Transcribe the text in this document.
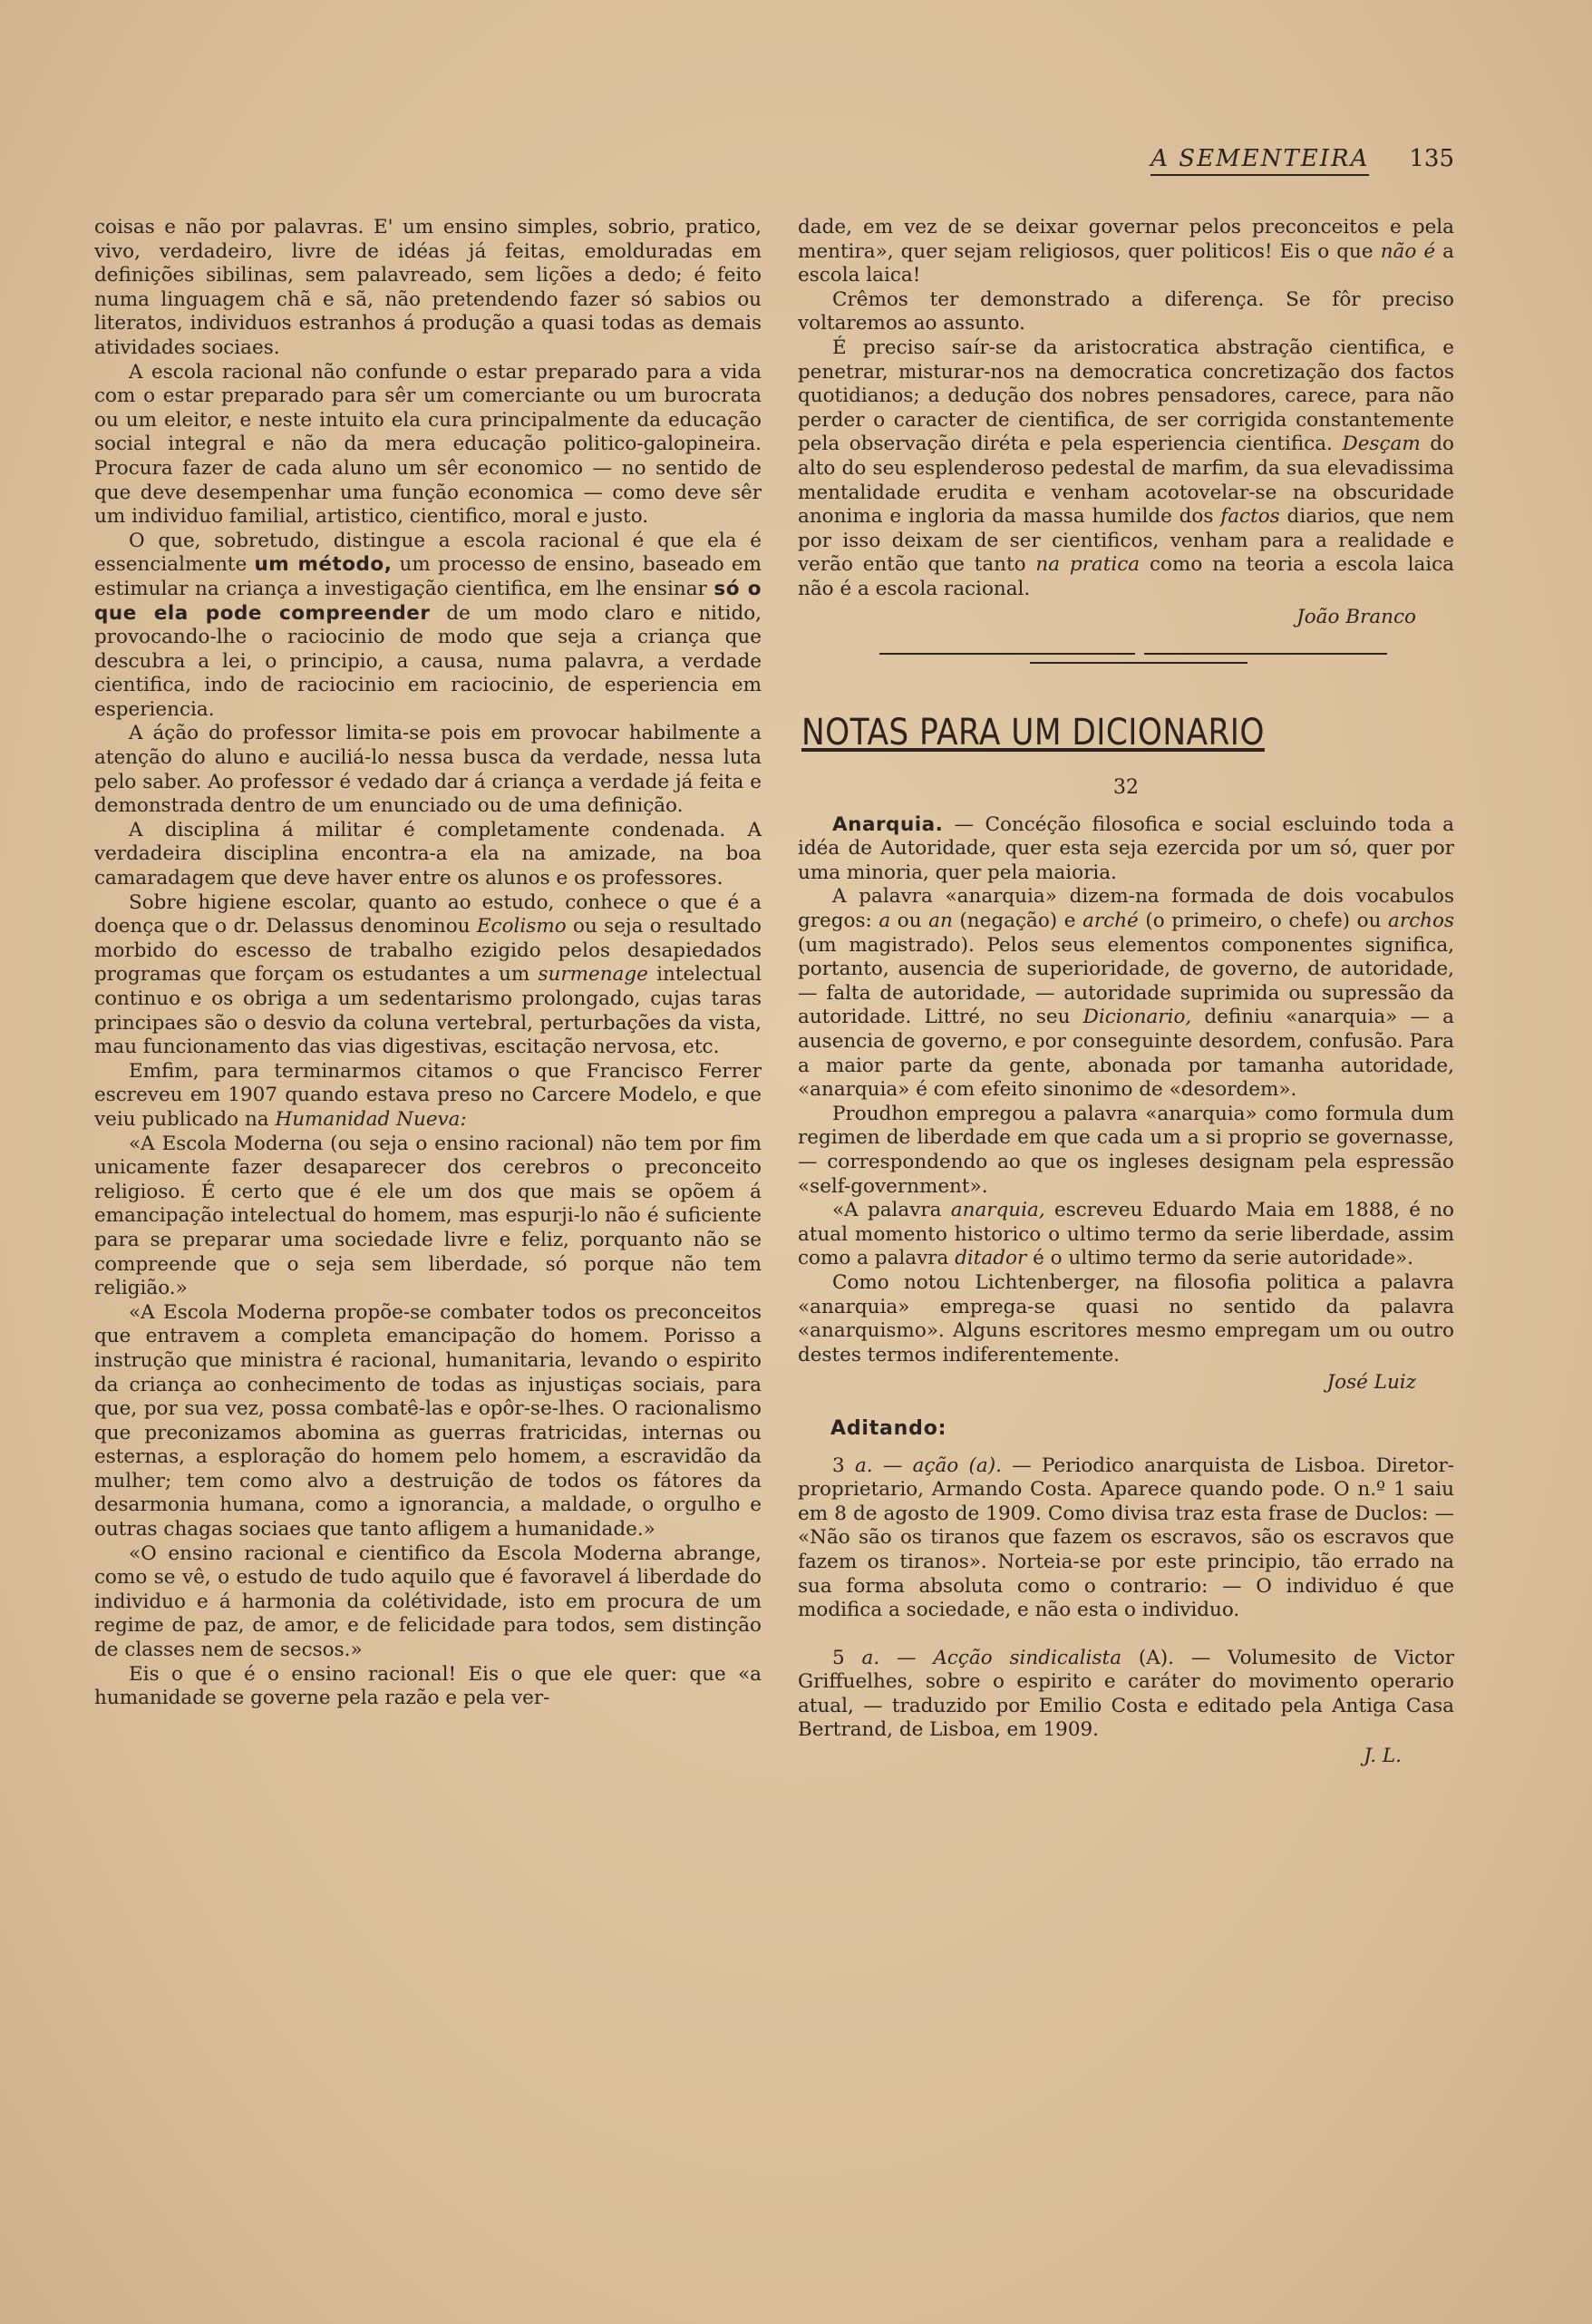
A SEMENTEIRA 135

coisas e não por palavras. E' um ensino simples, sobrio, pratico, vivo, verdadeiro, livre de idéas já feitas, emolduradas em definições sibilinas, sem palavreado, sem lições a dedo; é feito numa linguagem chã e sã, não pretendendo fazer só sabios ou literatos, individuos estranhos á produção a quasi todas as demais atividades sociaes.

A escola racional não confunde o estar preparado para a vida com o estar preparado para sêr um comerciante ou um burocrata ou um eleitor, e neste intuito ela cura principalmente da educação social integral e não da mera educação politico-galopineira. Procura fazer de cada aluno um sêr economico — no sentido de que deve desempenhar uma função economica — como deve sêr um individuo familial, artistico, cientifico, moral e justo.

O que, sobretudo, distingue a escola racional é que ela é essencialmente um método, um processo de ensino, baseado em estimular na criança a investigação cientifica, em lhe ensinar só o que ela pode compreender de um modo claro e nitido, provocando-lhe o raciocinio de modo que seja a criança que descubra a lei, o principio, a causa, numa palavra, a verdade cientifica, indo de raciocinio em raciocinio, de esperiencia em esperiencia.

A áção do professor limita-se pois em provocar habilmente a atenção do aluno e auciliá-lo nessa busca da verdade, nessa luta pelo saber. Ao professor é vedado dar á criança a verdade já feita e demonstrada dentro de um enunciado ou de uma definição.

A disciplina á militar é completamente condenada. A verdadeira disciplina encontra-a ela na amizade, na boa camaradagem que deve haver entre os alunos e os professores.

Sobre higiene escolar, quanto ao estudo, conhece o que é a doença que o dr. Delassus denominou Ecolismo ou seja o resultado morbido do escesso de trabalho ezigido pelos desapiedados programas que forçam os estudantes a um surmenage intelectual continuo e os obriga a um sedentarismo prolongado, cujas taras principaes são o desvio da coluna vertebral, perturbações da vista, mau funcionamento das vias digestivas, escitação nervosa, etc.

Emfim, para terminarmos citamos o que Francisco Ferrer escreveu em 1907 quando estava preso no Carcere Modelo, e que veiu publicado na Humanidad Nueva:

«A Escola Moderna (ou seja o ensino racional) não tem por fim unicamente fazer desaparecer dos cerebros o preconceito religioso. É certo que é ele um dos que mais se opõem á emancipação intelectual do homem, mas espurji-lo não é suficiente para se preparar uma sociedade livre e feliz, porquanto não se compreende que o seja sem liberdade, só porque não tem religião.»

«A Escola Moderna propõe-se combater todos os preconceitos que entravem a completa emancipação do homem. Porisso a instrução que ministra é racional, humanitaria, levando o espirito da criança ao conhecimento de todas as injustiças sociais, para que, por sua vez, possa combatê-las e opôr-se-lhes. O racionalismo que preconizamos abomina as guerras fratricidas, internas ou esternas, a esploração do homem pelo homem, a escravidão da mulher; tem como alvo a destruição de todos os fátores da desarmonia humana, como a ignorancia, a maldade, o orgulho e outras chagas sociaes que tanto afligem a humanidade.»

«O ensino racional e cientifico da Escola Moderna abrange, como se vê, o estudo de tudo aquilo que é favoravel á liberdade do individuo e á harmonia da colétividade, isto em procura de um regime de paz, de amor, e de felicidade para todos, sem distinção de classes nem de secsos.»

Eis o que é o ensino racional! Eis o que ele quer: que «a humanidade se governe pela razão e pela ver-

dade, em vez de se deixar governar pelos preconceitos e pela mentira», quer sejam religiosos, quer politicos! Eis o que não é a escola laica!

Crêmos ter demonstrado a diferença. Se fôr preciso voltaremos ao assunto.

É preciso saír-se da aristocratica abstração cientifica, e penetrar, misturar-nos na democratica concretização dos factos quotidianos; a dedução dos nobres pensadores, carece, para não perder o caracter de cientifica, de ser corrigida constantemente pela observação diréta e pela esperiencia cientifica. Desçam do alto do seu esplenderoso pedestal de marfim, da sua elevadissima mentalidade erudita e venham acotovelar-se na obscuridade anonima e ingloria da massa humilde dos factos diarios, que nem por isso deixam de ser cientificos, venham para a realidade e verão então que tanto na pratica como na teoria a escola laica não é a escola racional.

João Branco
NOTAS PARA UM DICIONARIO
32

Anarquia. — Concéção filosofica e social escluindo toda a idéa de Autoridade, quer esta seja ezercida por um só, quer por uma minoria, quer pela maioria.

A palavra «anarquia» dizem-na formada de dois vocabulos gregos: a ou an (negação) e arché (o primeiro, o chefe) ou archos (um magistrado). Pelos seus elementos componentes significa, portanto, ausencia de superioridade, de governo, de autoridade, — falta de autoridade, — autoridade suprimida ou supressão da autoridade. Littré, no seu Dicionario, definiu «anarquia» — a ausencia de governo, e por conseguinte desordem, confusão. Para a maior parte da gente, abonada por tamanha autoridade, «anarquia» é com efeito sinonimo de «desordem».

Proudhon empregou a palavra «anarquia» como formula dum regimen de liberdade em que cada um a si proprio se governasse, — correspondendo ao que os ingleses designam pela espressão «self-government».

«A palavra anarquia, escreveu Eduardo Maia em 1888, é no atual momento historico o ultimo termo da serie liberdade, assim como a palavra ditador é o ultimo termo da serie autoridade».

Como notou Lichtenberger, na filosofia politica a palavra «anarquia» emprega-se quasi no sentido da palavra «anarquismo». Alguns escritores mesmo empregam um ou outro destes termos indiferentemente.

José Luiz
Aditando:

3 a. — ação (a). — Periodico anarquista de Lisboa. Diretor-proprietario, Armando Costa. Aparece quando pode. O n.º 1 saiu em 8 de agosto de 1909. Como divisa traz esta frase de Duclos: — «Não são os tiranos que fazem os escravos, são os escravos que fazem os tiranos». Norteia-se por este principio, tão errado na sua forma absoluta como o contrario: — O individuo é que modifica a sociedade, e não esta o individuo.

5 a. — Acção sindicalista (A). — Volumesito de Victor Griffuelhes, sobre o espirito e caráter do movimento operario atual, — traduzido por Emilio Costa e editado pela Antiga Casa Bertrand, de Lisboa, em 1909.

J. L.
